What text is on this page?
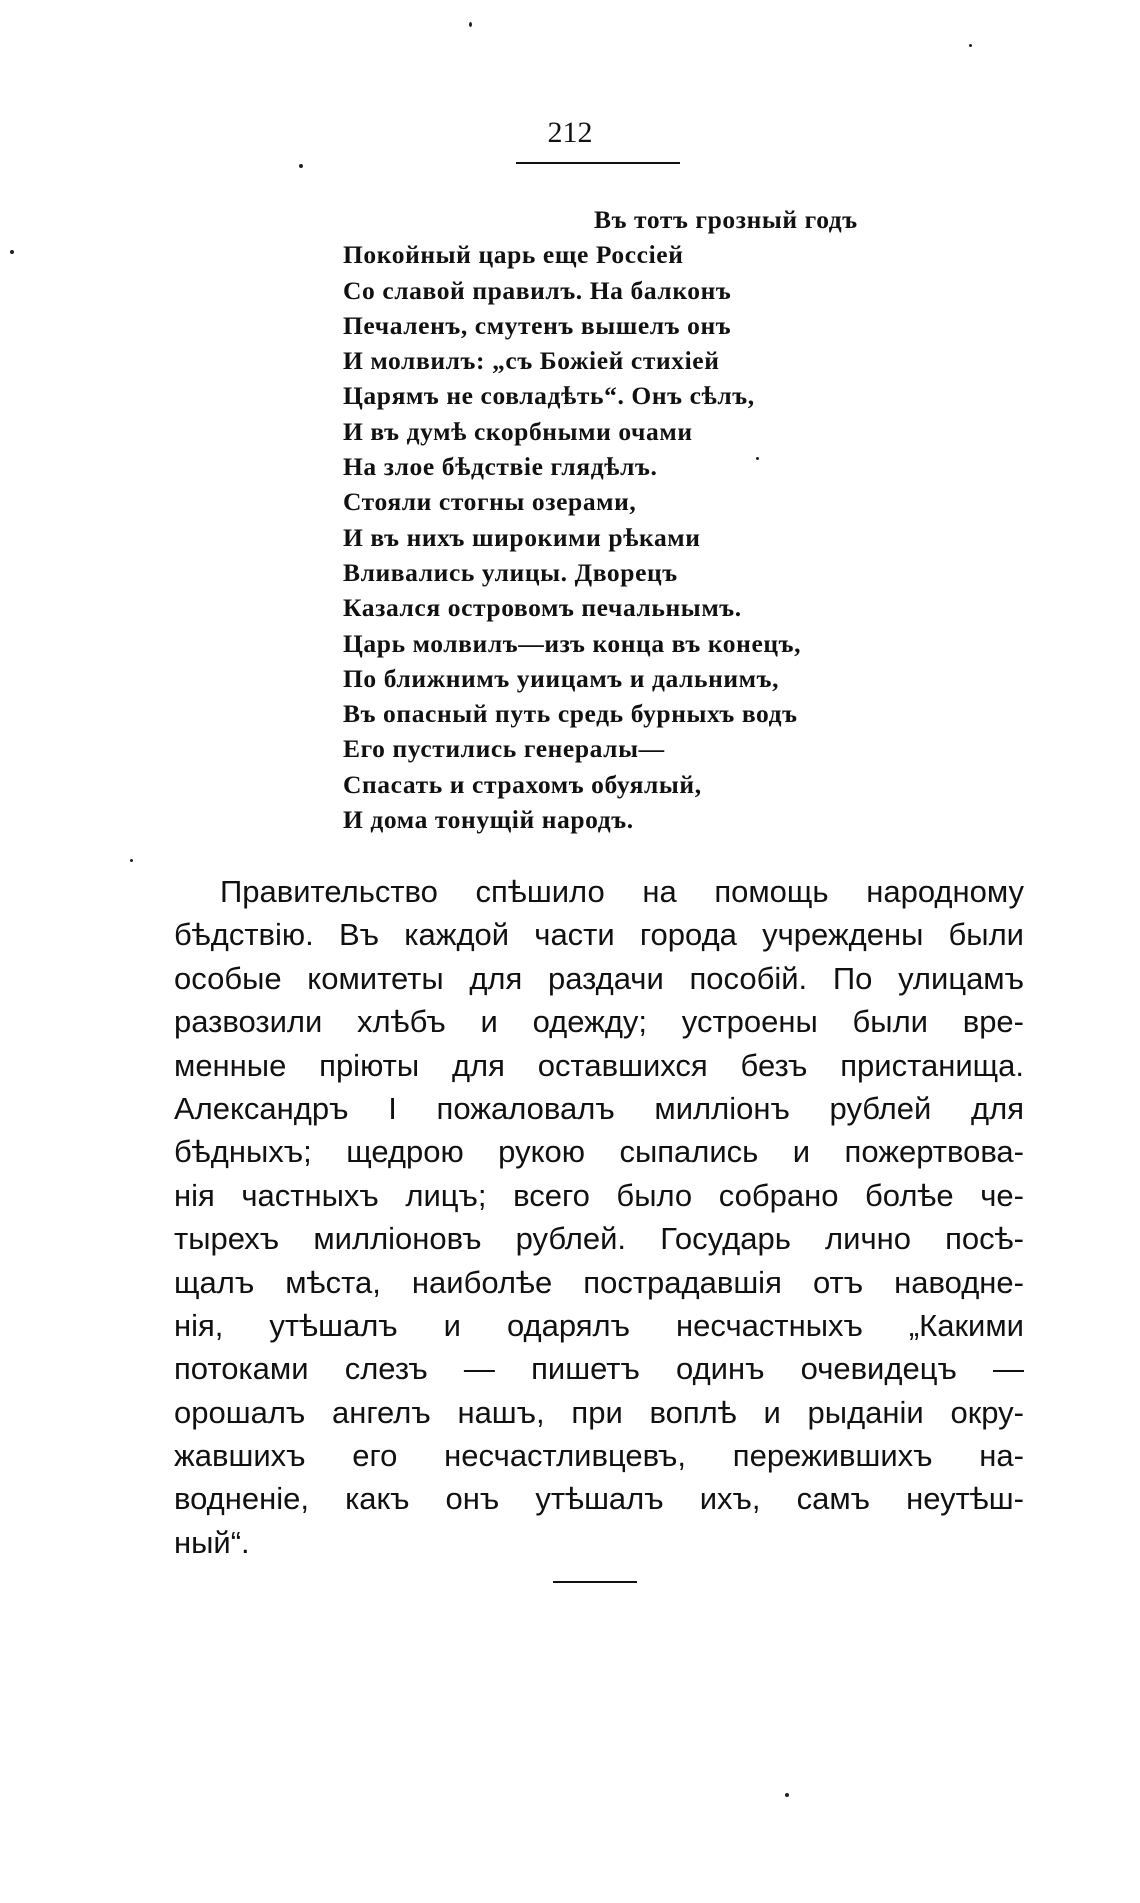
212
Въ тотъ грозный годъ
Покойный царь еще Россіей
Со славой правилъ. На балконъ
Печаленъ, смутенъ вышелъ онъ
И молвилъ: „съ Божіей стихіей
Царямъ не совладѣть“. Онъ сѣлъ,
И въ думѣ скорбными очами
На злое бѣдствіе глядѣлъ.
Стояли стогны озерами,
И въ нихъ широкими рѣками
Вливались улицы. Дворецъ
Казался островомъ печальнымъ.
Царь молвилъ—изъ конца въ конецъ,
По ближнимъ уиицамъ и дальнимъ,
Въ опасный путь средь бурныхъ водъ
Его пустились генералы—
Спасать и страхомъ обуялый,
И дома тонущій народъ.
Правительство спѣшило на помощь народному
бѣдствію. Въ каждой части города учреждены были
особые комитеты для раздачи пособій. По улицамъ
развозили хлѣбъ и одежду; устроены были вре-
менные пріюты для оставшихся безъ пристанища.
Александръ I пожаловалъ милліонъ рублей для
бѣдныхъ; щедрою рукою сыпались и пожертвова-
нія частныхъ лицъ; всего было собрано болѣе че-
тырехъ милліоновъ рублей. Государь лично посѣ-
щалъ мѣста, наиболѣе пострадавшія отъ наводне-
нія, утѣшалъ и одарялъ несчастныхъ „Какими
потоками слезъ — пишетъ одинъ очевидецъ —
орошалъ ангелъ нашъ, при воплѣ и рыданіи окру-
жавшихъ его несчастливцевъ, пережившихъ на-
водненіе, какъ онъ утѣшалъ ихъ, самъ неутѣш-
ный“.
